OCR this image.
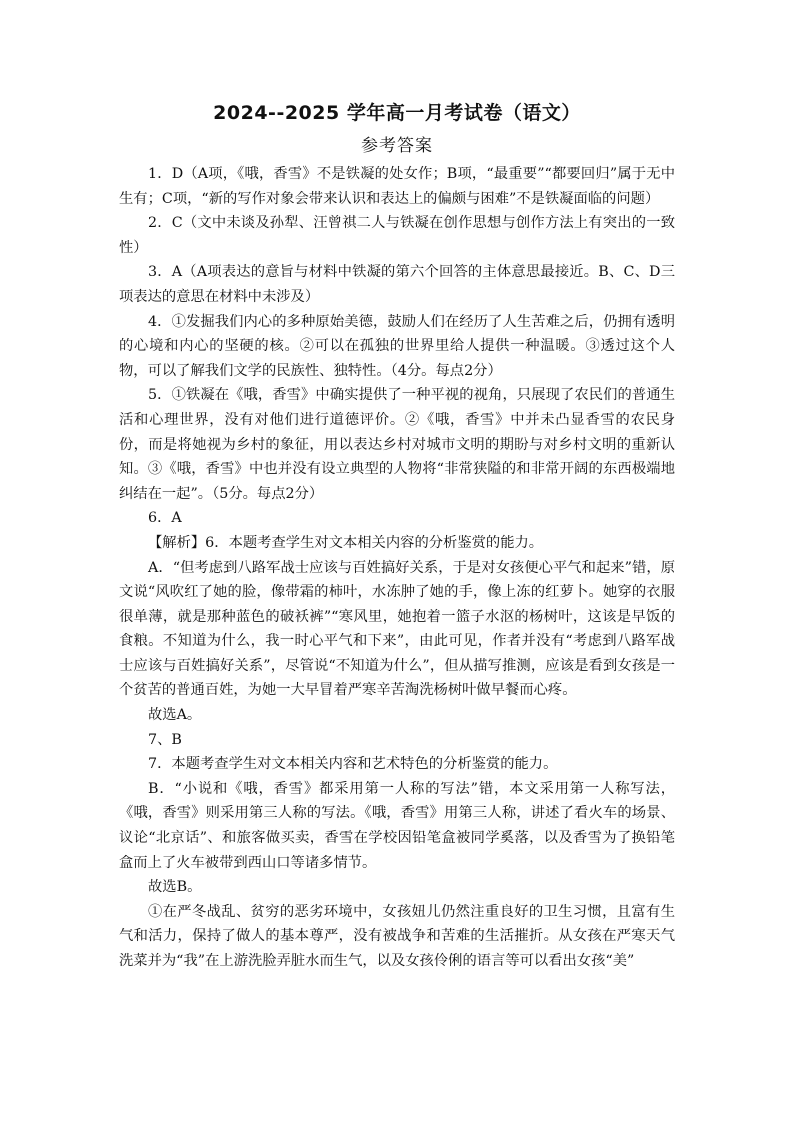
2024--2025 学年高一月考试卷（语文）
参考答案

1．D（A项，《哦，香雪》不是铁凝的处女作；B项，“最重要”“都要回归”属于无中生有；C项，“新的写作对象会带来认识和表达上的偏颇与困难”不是铁凝面临的问题）

2．C（文中未谈及孙犁、汪曾祺二人与铁凝在创作思想与创作方法上有突出的一致性）

3．A（A项表达的意旨与材料中铁凝的第六个回答的主体意思最接近。B、C、D三项表达的意思在材料中未涉及）

4．①发掘我们内心的多种原始美德，鼓励人们在经历了人生苦难之后，仍拥有透明的心境和内心的坚硬的核。②可以在孤独的世界里给人提供一种温暖。③透过这个人物，可以了解我们文学的民族性、独特性。（4分。每点2分）

5．①铁凝在《哦，香雪》中确实提供了一种平视的视角，只展现了农民们的普通生活和心理世界，没有对他们进行道德评价。②《哦，香雪》中并未凸显香雪的农民身份，而是将她视为乡村的象征，用以表达乡村对城市文明的期盼与对乡村文明的重新认知。③《哦，香雪》中也并没有设立典型的人物将“非常狭隘的和非常开阔的东西极端地纠结在一起”。（5分。每点2分）

6．A

【解析】6．本题考查学生对文本相关内容的分析鉴赏的能力。

A．“但考虑到八路军战士应该与百姓搞好关系，于是对女孩便心平气和起来”错，原文说“风吹红了她的脸，像带霜的柿叶，水冻肿了她的手，像上冻的红萝卜。她穿的衣服很单薄，就是那种蓝色的破袄裤”“寒风里，她抱着一篮子水沤的杨树叶，这该是早饭的食粮。不知道为什么，我一时心平气和下来”，由此可见，作者并没有“考虑到八路军战士应该与百姓搞好关系”，尽管说“不知道为什么”，但从描写推测，应该是看到女孩是一个贫苦的普通百姓，为她一大早冒着严寒辛苦淘洗杨树叶做早餐而心疼。

故选A。

7、B

7．本题考查学生对文本相关内容和艺术特色的分析鉴赏的能力。

B．“小说和《哦，香雪》都采用第一人称的写法”错，本文采用第一人称写法，《哦，香雪》则采用第三人称的写法。《哦，香雪》用第三人称，讲述了看火车的场景、议论“北京话”、和旅客做买卖，香雪在学校因铅笔盒被同学奚落，以及香雪为了换铅笔盒而上了火车被带到西山口等诸多情节。

故选B。

①在严冬战乱、贫穷的恶劣环境中，女孩妞儿仍然注重良好的卫生习惯，且富有生气和活力，保持了做人的基本尊严，没有被战争和苦难的生活摧折。从女孩在严寒天气洗菜并为“我”在上游洗脸弄脏水而生气，以及女孩伶俐的语言等可以看出女孩“美”
